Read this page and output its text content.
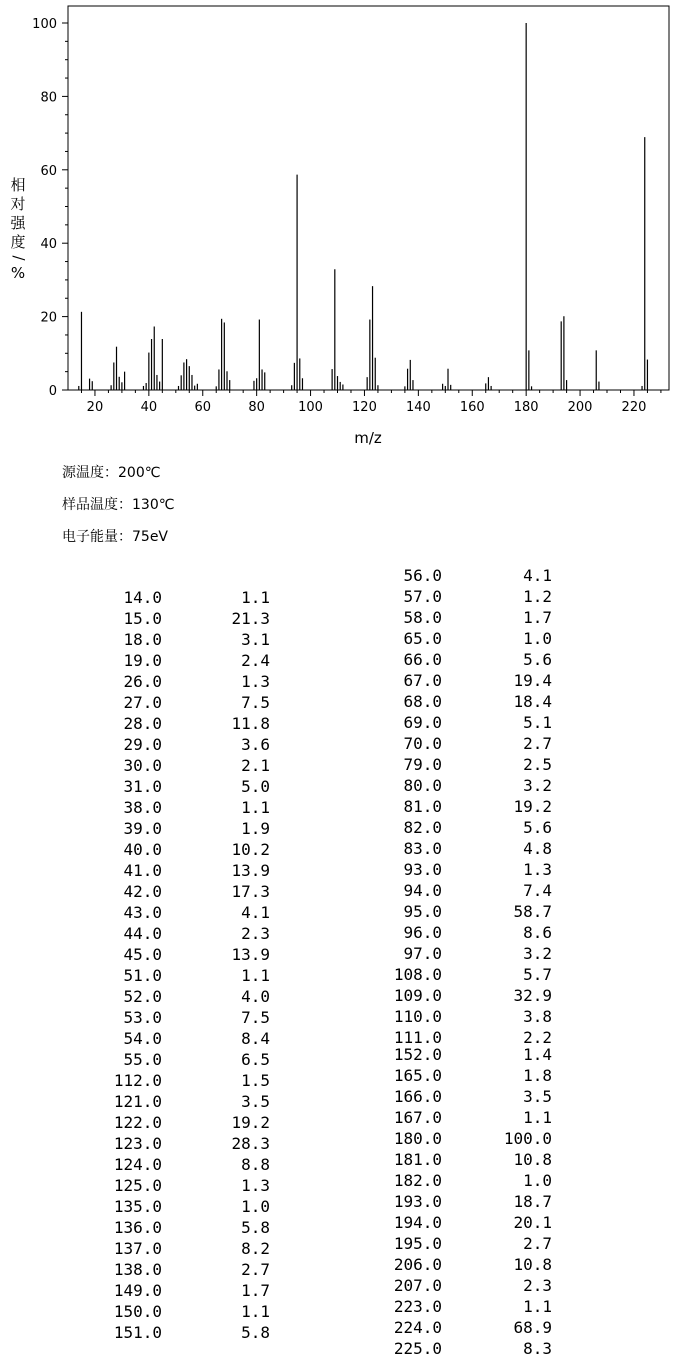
20	40	60	80	100 120 140 160 180 200 220
0
20
40
60
80
100
相
对
强
度
%
/
m/z
源温度：200℃
样品温度：130℃
电子能量：75eV
14.0	1.1
15.0	21.3
18.0	3.1
19.0	2.4
26.0	1.3
27.0	7.5
28.0	11.8
29.0	3.6
30.0	2.1
31.0	5.0
38.0	1.1
39.0	1.9
40.0	10.2
41.0	13.9
42.0	17.3
43.0	4.1
44.0	2.3
45.0	13.9
51.0	1.1
52.0	4.0
53.0	7.5
54.0	8.4
55.0	6.5
112.0	1.5
121.0	3.5
122.0	19.2
123.0	28.3
124.0	8.8
125.0	1.3
135.0	1.0
136.0	5.8
137.0	8.2
138.0	2.7
149.0	1.7
150.0	1.1
151.0	5.8
56.0	4.1
57.0	1.2
58.0	1.7
65.0	1.0
66.0	5.6
67.0	19.4
68.0	18.4
69.0	5.1
70.0	2.7
79.0	2.5
80.0	3.2
81.0	19.2
82.0	5.6
83.0	4.8
93.0	1.3
94.0	7.4
95.0	58.7
96.0	8.6
97.0	3.2
108.0	5.7
109.0	32.9
110.0	3.8
111.0	2.2
152.0	1.4
165.0	1.8
166.0	3.5
167.0	1.1
180.0	100.0
181.0	10.8
182.0	1.0
193.0	18.7
194.0	20.1
195.0	2.7
206.0	10.8
207.0	2.3
223.0	1.1
224.0	68.9
225.0	8.3
